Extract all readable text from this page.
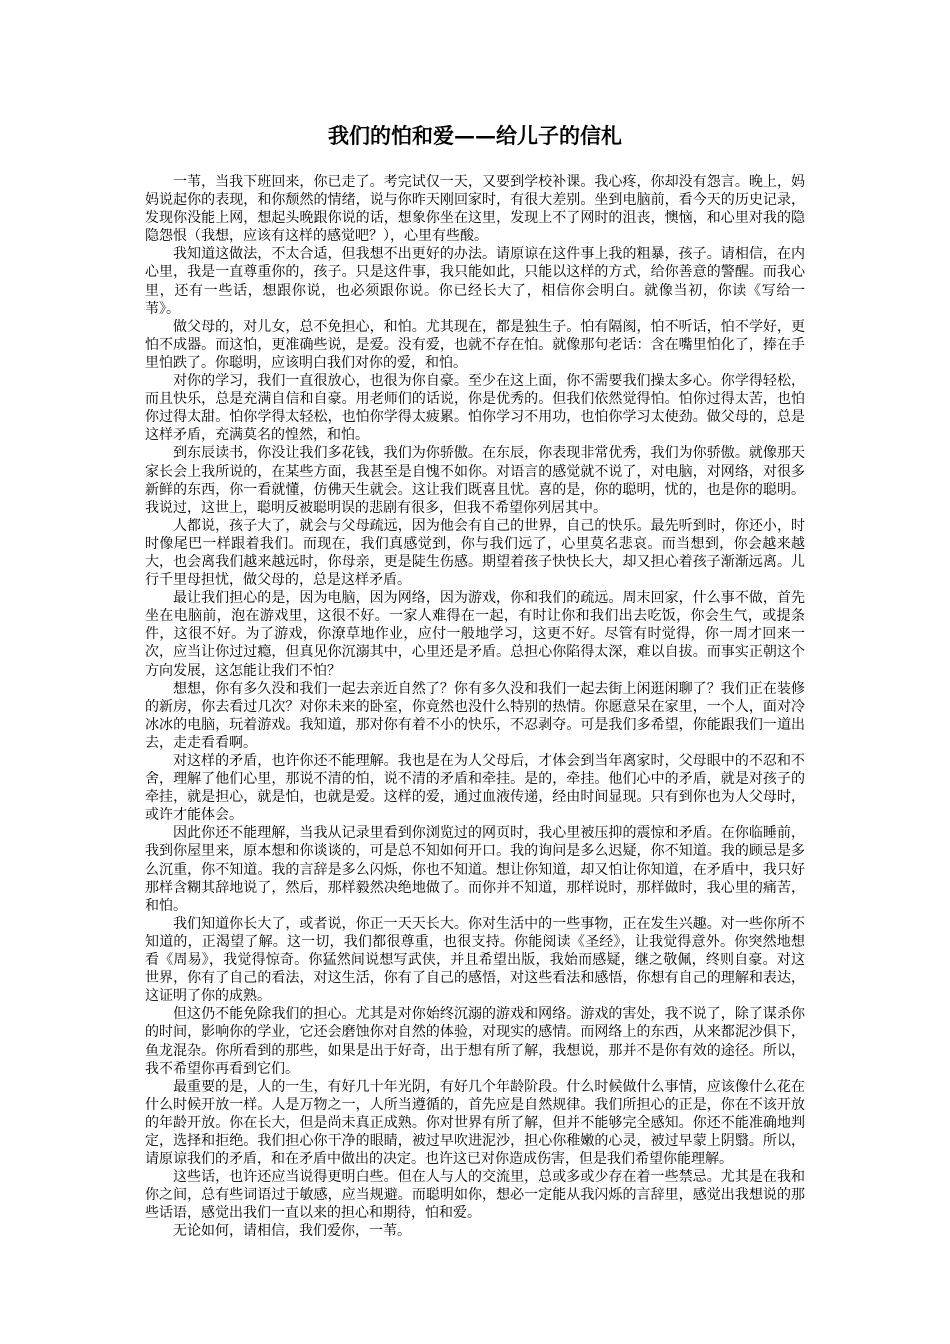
我们的怕和爱——给儿子的信札

一苇，当我下班回来，你已走了。考完试仅一天，又要到学校补课。我心疼，你却没有怨言。晚上，妈妈说起你的表现，和你颓然的情绪，说与你昨天刚回家时，有很大差别。坐到电脑前，看今天的历史记录，发现你没能上网，想起头晚跟你说的话，想象你坐在这里，发现上不了网时的沮丧，懊恼，和心里对我的隐隐怨恨（我想，应该有这样的感觉吧？），心里有些酸。

我知道这做法，不太合适，但我想不出更好的办法。请原谅在这件事上我的粗暴，孩子。请相信，在内心里，我是一直尊重你的，孩子。只是这件事，我只能如此，只能以这样的方式，给你善意的警醒。而我心里，还有一些话，想跟你说，也必须跟你说。你已经长大了，相信你会明白。就像当初，你读《写给一苇》。

做父母的，对儿女，总不免担心，和怕。尤其现在，都是独生子。怕有隔阂，怕不听话，怕不学好，更怕不成器。而这怕，更准确些说，是爱。没有爱，也就不存在怕。就像那句老话：含在嘴里怕化了，捧在手里怕跌了。你聪明，应该明白我们对你的爱，和怕。

对你的学习，我们一直很放心，也很为你自豪。至少在这上面，你不需要我们操太多心。你学得轻松，而且快乐，总是充满自信和自豪。用老师们的话说，你是优秀的。但我们依然觉得怕。怕你过得太苦，也怕你过得太甜。怕你学得太轻松，也怕你学得太疲累。怕你学习不用功，也怕你学习太使劲。做父母的，总是这样矛盾，充满莫名的惶然，和怕。

到东辰读书，你没让我们多花钱，我们为你骄傲。在东辰，你表现非常优秀，我们为你骄傲。就像那天家长会上我所说的，在某些方面，我甚至是自愧不如你。对语言的感觉就不说了，对电脑，对网络，对很多新鲜的东西，你一看就懂，仿佛天生就会。这让我们既喜且忧。喜的是，你的聪明，忧的，也是你的聪明。我说过，这世上，聪明反被聪明误的悲剧有很多，但我不希望你列居其中。

人都说，孩子大了，就会与父母疏远，因为他会有自己的世界，自己的快乐。最先听到时，你还小，时时像尾巴一样跟着我们。而现在，我们真感觉到，你与我们远了，心里莫名悲哀。而当想到，你会越来越大，也会离我们越来越远时，你母亲，更是陡生伤感。期望着孩子快快长大，却又担心着孩子渐渐远离。儿行千里母担忧，做父母的，总是这样矛盾。

最让我们担心的是，因为电脑，因为网络，因为游戏，你和我们的疏远。周末回家，什么事不做，首先坐在电脑前，泡在游戏里，这很不好。一家人难得在一起，有时让你和我们出去吃饭，你会生气，或提条件，这很不好。为了游戏，你潦草地作业，应付一般地学习，这更不好。尽管有时觉得，你一周才回来一次，应当让你过过瘾，但真见你沉溺其中，心里还是矛盾。总担心你陷得太深，难以自拔。而事实正朝这个方向发展，这怎能让我们不怕？

想想，你有多久没和我们一起去亲近自然了？你有多久没和我们一起去街上闲逛闲聊了？我们正在装修的新房，你去看过几次？对你未来的卧室，你竟然也没什么特别的热情。你愿意呆在家里，一个人，面对冷冰冰的电脑，玩着游戏。我知道，那对你有着不小的快乐，不忍剥夺。可是我们多希望，你能跟我们一道出去，走走看看啊。

对这样的矛盾，也许你还不能理解。我也是在为人父母后，才体会到当年离家时，父母眼中的不忍和不舍，理解了他们心里，那说不清的怕，说不清的矛盾和牵挂。是的，牵挂。他们心中的矛盾，就是对孩子的牵挂，就是担心，就是怕，也就是爱。这样的爱，通过血液传递，经由时间显现。只有到你也为人父母时，或许才能体会。

因此你还不能理解，当我从记录里看到你浏览过的网页时，我心里被压抑的震惊和矛盾。在你临睡前，我到你屋里来，原本想和你谈谈的，可是总不知如何开口。我的询问是多么迟疑，你不知道。我的顾忌是多么沉重，你不知道。我的言辞是多么闪烁，你也不知道。想让你知道，却又怕让你知道，在矛盾中，我只好那样含糊其辞地说了，然后，那样毅然决绝地做了。而你并不知道，那样说时，那样做时，我心里的痛苦，和怕。

我们知道你长大了，或者说，你正一天天长大。你对生活中的一些事物，正在发生兴趣。对一些你所不知道的，正渴望了解。这一切，我们都很尊重，也很支持。你能阅读《圣经》，让我觉得意外。你突然地想看《周易》，我觉得惊奇。你猛然间说想写武侠，并且希望出版，我始而感疑，继之敬佩，终则自豪。对这世界，你有了自己的看法，对这生活，你有了自己的感悟，对这些看法和感悟，你想有自己的理解和表达，这证明了你的成熟。

但这仍不能免除我们的担心。尤其是对你始终沉溺的游戏和网络。游戏的害处，我不说了，除了谋杀你的时间，影响你的学业，它还会磨蚀你对自然的体验，对现实的感情。而网络上的东西，从来都泥沙俱下，鱼龙混杂。你所看到的那些，如果是出于好奇，出于想有所了解，我想说，那并不是你有效的途径。所以，我不希望你再看到它们。

最重要的是，人的一生，有好几十年光阴，有好几个年龄阶段。什么时候做什么事情，应该像什么花在什么时候开放一样。人是万物之一，人所当遵循的，首先应是自然规律。我们所担心的正是，你在不该开放的年龄开放。你在长大，但是尚未真正成熟。你对世界有所了解，但并不能够完全感知。你还不能准确地判定，选择和拒绝。我们担心你干净的眼睛，被过早吹进泥沙，担心你稚嫩的心灵，被过早蒙上阴翳。所以，请原谅我们的矛盾，和在矛盾中做出的决定。也许这已对你造成伤害，但是我们希望你能理解。

这些话，也许还应当说得更明白些。但在人与人的交流里，总或多或少存在着一些禁忌。尤其是在我和你之间，总有些词语过于敏感，应当规避。而聪明如你，想必一定能从我闪烁的言辞里，感觉出我想说的那些话语，感觉出我们一直以来的担心和期待，怕和爱。

无论如何，请相信，我们爱你，一苇。
